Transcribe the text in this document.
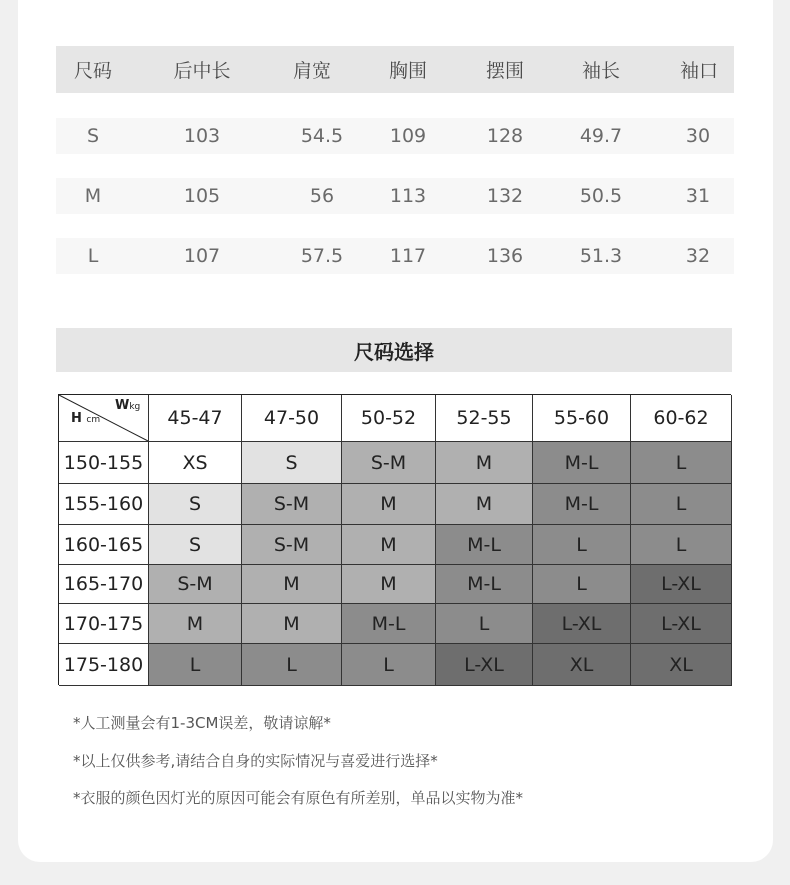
尺码	后中长	肩宽	胸围	摆围	袖长	袖口
S	103	54.5	109	128	49.7	30
M	105	56	113	132	50.5	31
L	107	57.5	117	136	51.3	32
尺码选择
Wkg
H cm	45-47	47-50	50-52	52-55	55-60	60-62
150-155	XS	S	S-M	M	M-L	L
155-160	S	S-M	M	M	M-L	L
160-165	S	S-M	M	M-L	L	L
165-170	S-M	M	M	M-L	L	L-XL
170-175	M	M	M-L	L	L-XL	L-XL
175-180	L	L	L	L-XL	XL	XL
*人工测量会有1-3CM误差，敬请谅解*
*以上仅供参考,请结合自身的实际情况与喜爱进行选择*
*衣服的颜色因灯光的原因可能会有原色有所差别，单品以实物为准*
